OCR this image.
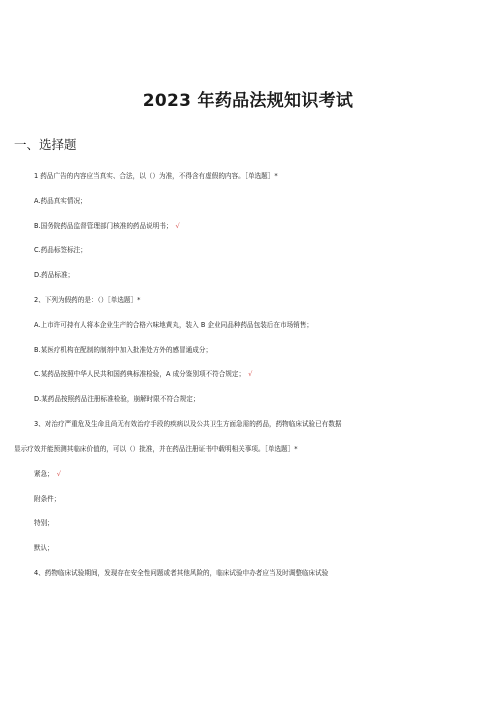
2023 年药品法规知识考试
一、选择题
1 药品广告的内容应当真实、合法，以（）为准，不得含有虚假的内容。［单选题］*
A.药品真实情况；
B.国务院药品监督管理部门核准的药品说明书； √
C.药品标签标注；
D.药品标准；
2、下列为假药的是：（）［单选题］*
A.上市许可持有人将本企业生产的合格六味地黄丸，装入 B 企业同品种药品包装后在市场销售；
B.某医疗机构在配制的制剂中加入批准处方外的感冒通成分；
C.某药品按照中华人民共和国药典标准检验，A 成分鉴别项不符合规定； √
D.某药品按照药品注册标准检验，崩解时限不符合规定；
3、对治疗严重危及生命且尚无有效治疗手段的疾病以及公共卫生方面急需的药品，药物临床试验已有数据
显示疗效并能预测其临床价值的，可以（）批准，并在药品注册证书中载明相关事项。［单选题］*
紧急； √
附条件；
特别；
默认；
4、药物临床试验期间，发现存在安全性问题或者其他风险的，临床试验申办者应当及时调整临床试验
